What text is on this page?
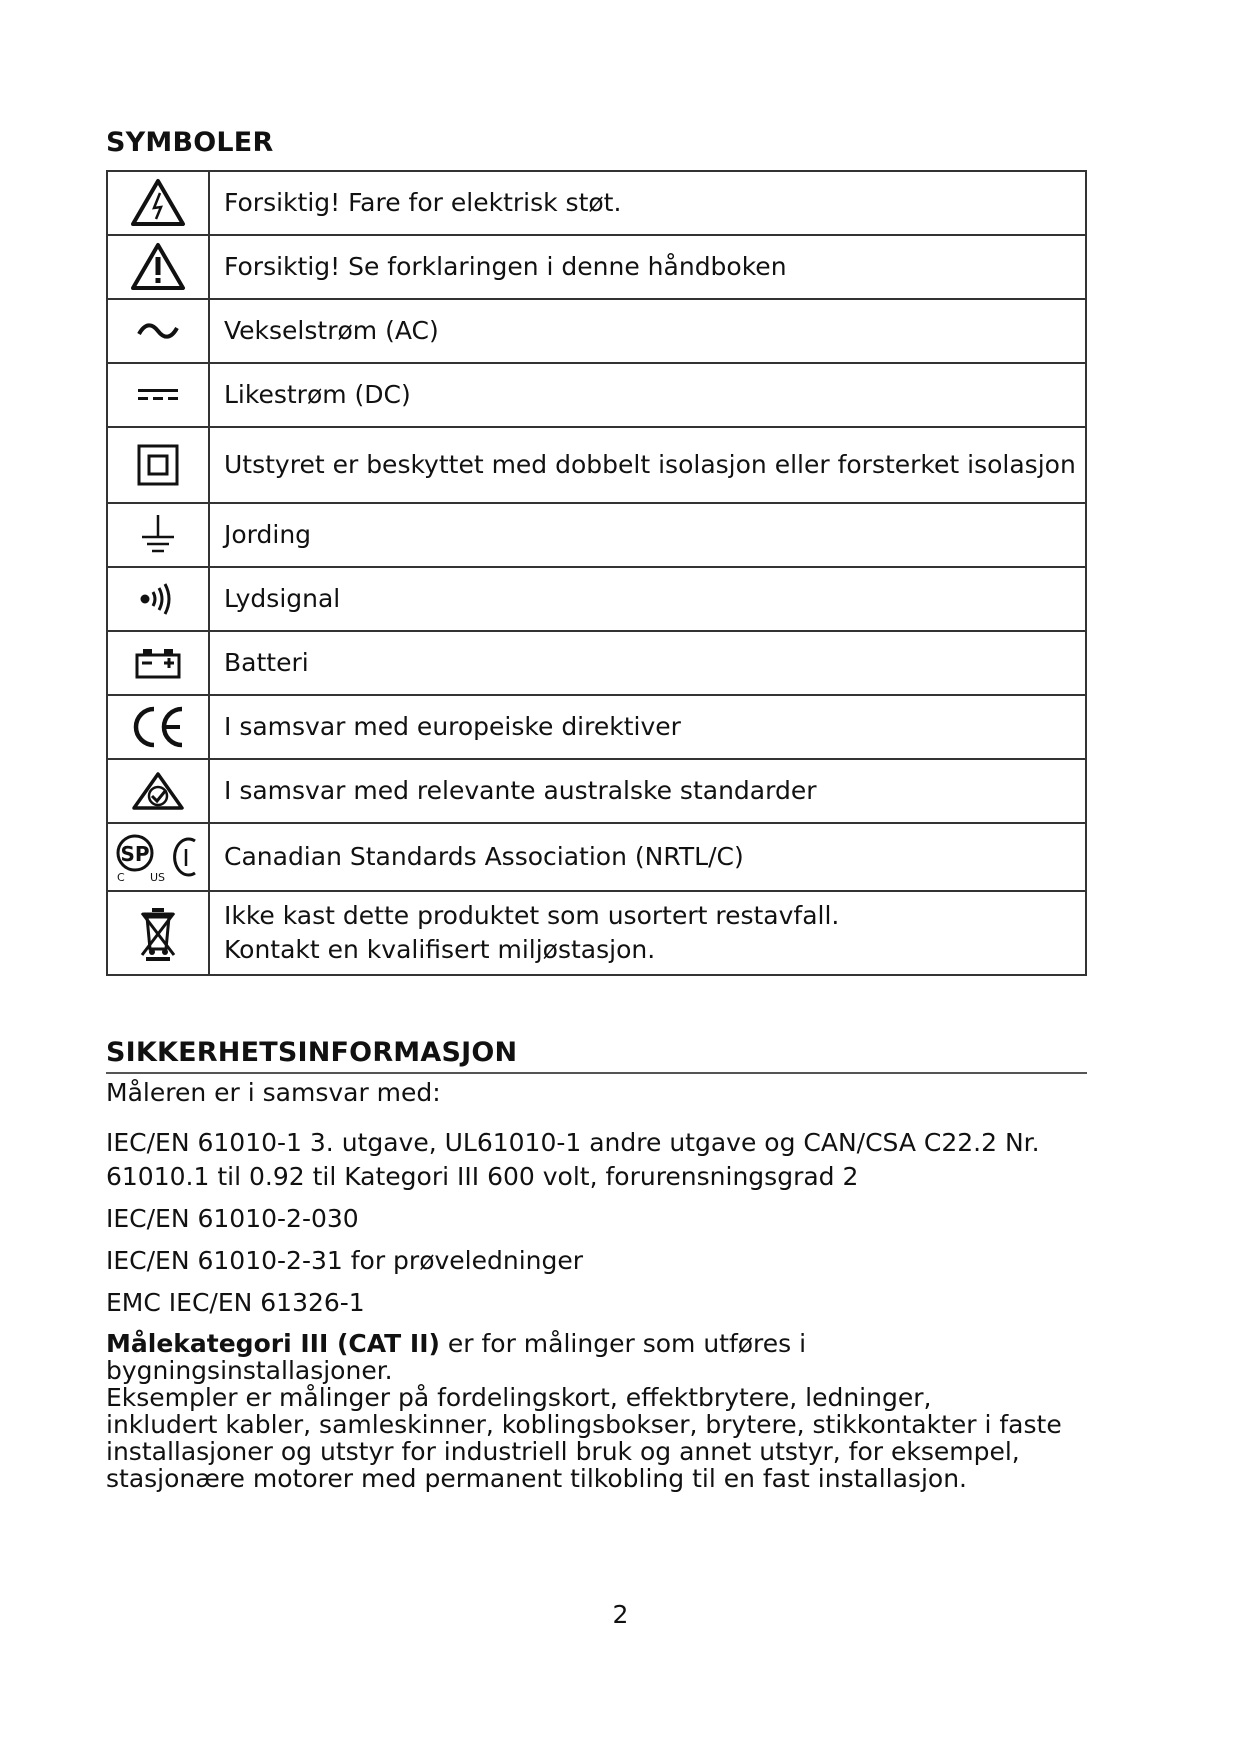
SYMBOLER
	Forsiktig! Fare for elektrisk støt.

	Forsiktig! Se forklaringen i denne håndboken

	Vekselstrøm (AC)

	Likestrøm (DC)

	Utstyret er beskyttet med dobbelt isolasjon eller forsterket isolasjon

	Jording

	Lydsignal

	Batteri

	I samsvar med europeiske direktiver

	I samsvar med relevante australske standarder

SP
C US	Canadian Standards Association (NRTL/C)

Ikke kast dette produktet som usortert restavfall.
Kontakt en kvalifisert miljøstasjon.
SIKKERHETSINFORMASJON
Måleren er i samsvar med:
IEC/EN 61010-1 3. utgave, UL61010-1 andre utgave og CAN/CSA C22.2 Nr.
61010.1 til 0.92 til Kategori III 600 volt, forurensningsgrad 2
IEC/EN 61010-2-030
IEC/EN 61010-2-31 for prøveledninger
EMC IEC/EN 61326-1
Målekategori III (CAT II) er for målinger som utføres i bygningsinstallasjoner.
Eksempler er målinger på fordelingskort, effektbrytere, ledninger,
inkludert kabler, samleskinner, koblingsbokser, brytere, stikkontakter i faste
installasjoner og utstyr for industriell bruk og annet utstyr, for eksempel,
stasjonære motorer med permanent tilkobling til en fast installasjon.
2
